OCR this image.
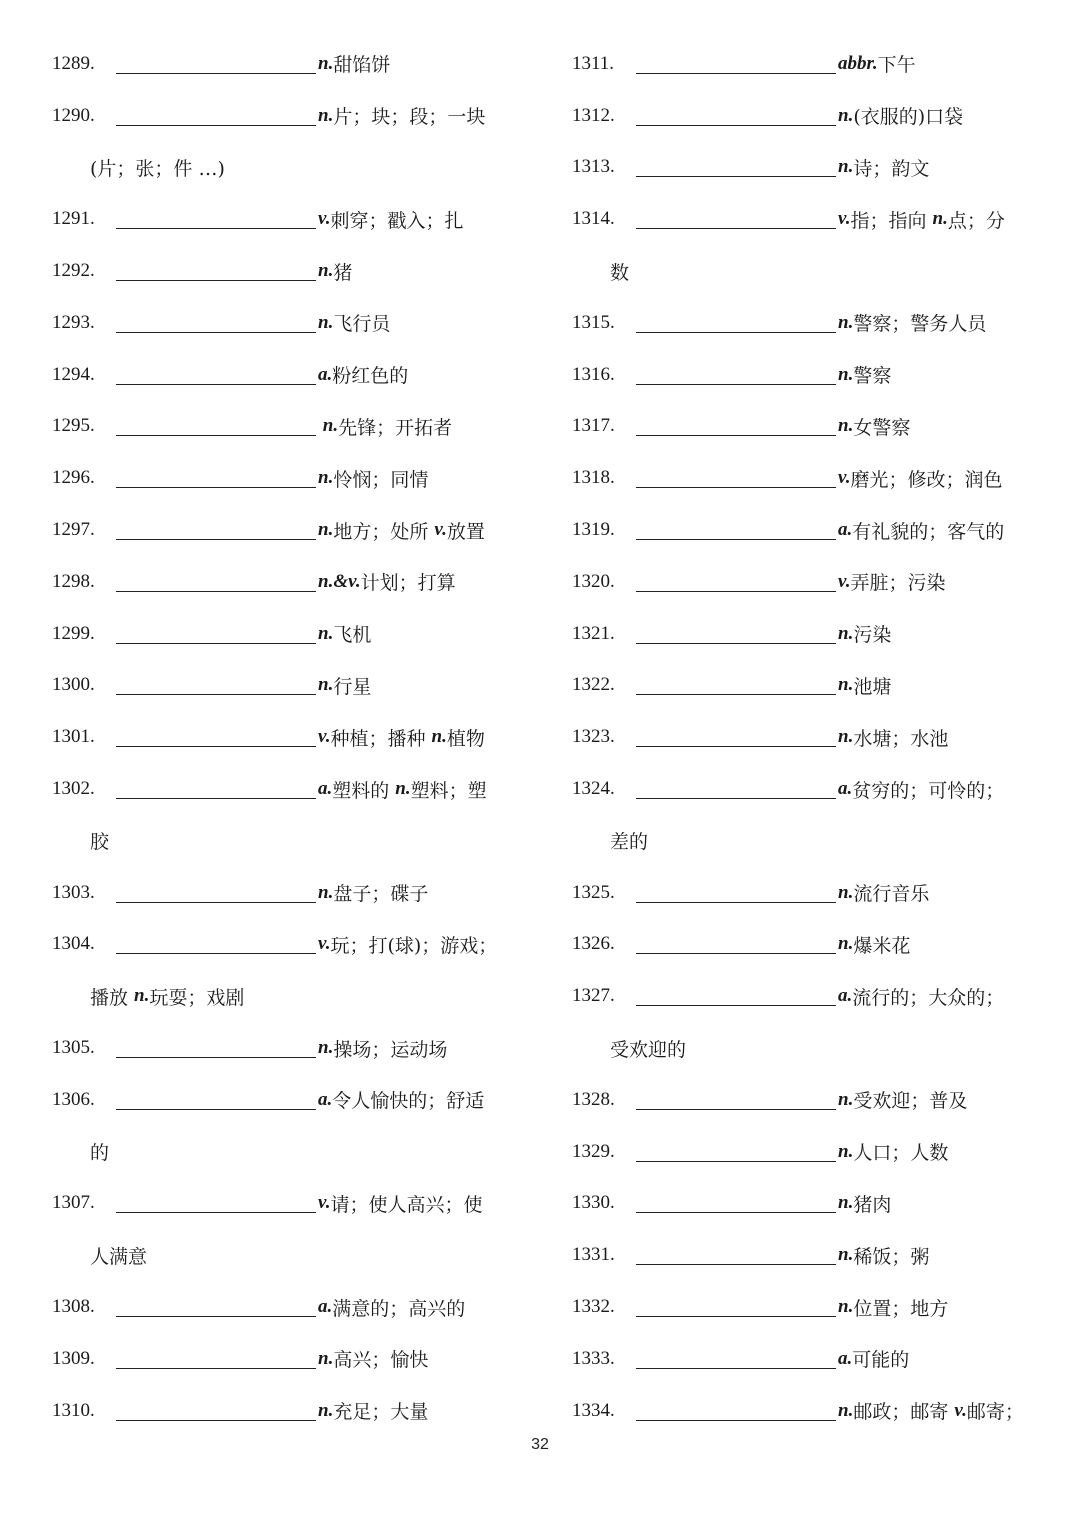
1289.	n. 甜馅饼
1290.	n. 片；块；段；一块
(片；张；件 …)
1291.	v. 刺穿；戳入；扎
1292.	n. 猪
1293.	n. 飞行员
1294.	a. 粉红色的
1295.	n. 先锋；开拓者
1296.	n. 怜悯；同情
1297.	n. 地方；处所 v. 放置
1298.	n.&v. 计划；打算
1299.	n. 飞机
1300.	n. 行星
1301.	v. 种植；播种 n. 植物
1302.	a. 塑料的 n. 塑料；塑
胶
1303.	n. 盘子；碟子
1304.	v. 玩；打(球)；游戏；
播放 n. 玩耍；戏剧
1305.	n. 操场；运动场
1306.	a. 令人愉快的；舒适
的
1307.	v. 请；使人高兴；使
人满意
1308.	a. 满意的；高兴的
1309.	n. 高兴；愉快
1310.	n. 充足；大量
1311.	abbr. 下午
1312.	n. (衣服的)口袋
1313.	n. 诗；韵文
1314.	v. 指；指向 n. 点；分
数
1315.	n. 警察；警务人员
1316.	n. 警察
1317.	n. 女警察
1318.	v. 磨光；修改；润色
1319.	a. 有礼貌的；客气的
1320.	v. 弄脏；污染
1321.	n. 污染
1322.	n. 池塘
1323.	n. 水塘；水池
1324.	a. 贫穷的；可怜的；
差的
1325.	n. 流行音乐
1326.	n. 爆米花
1327.	a. 流行的；大众的；
受欢迎的
1328.	n. 受欢迎；普及
1329.	n. 人口；人数
1330.	n. 猪肉
1331.	n. 稀饭；粥
1332.	n. 位置；地方
1333.	a. 可能的
1334.	n. 邮政；邮寄 v. 邮寄；
32
